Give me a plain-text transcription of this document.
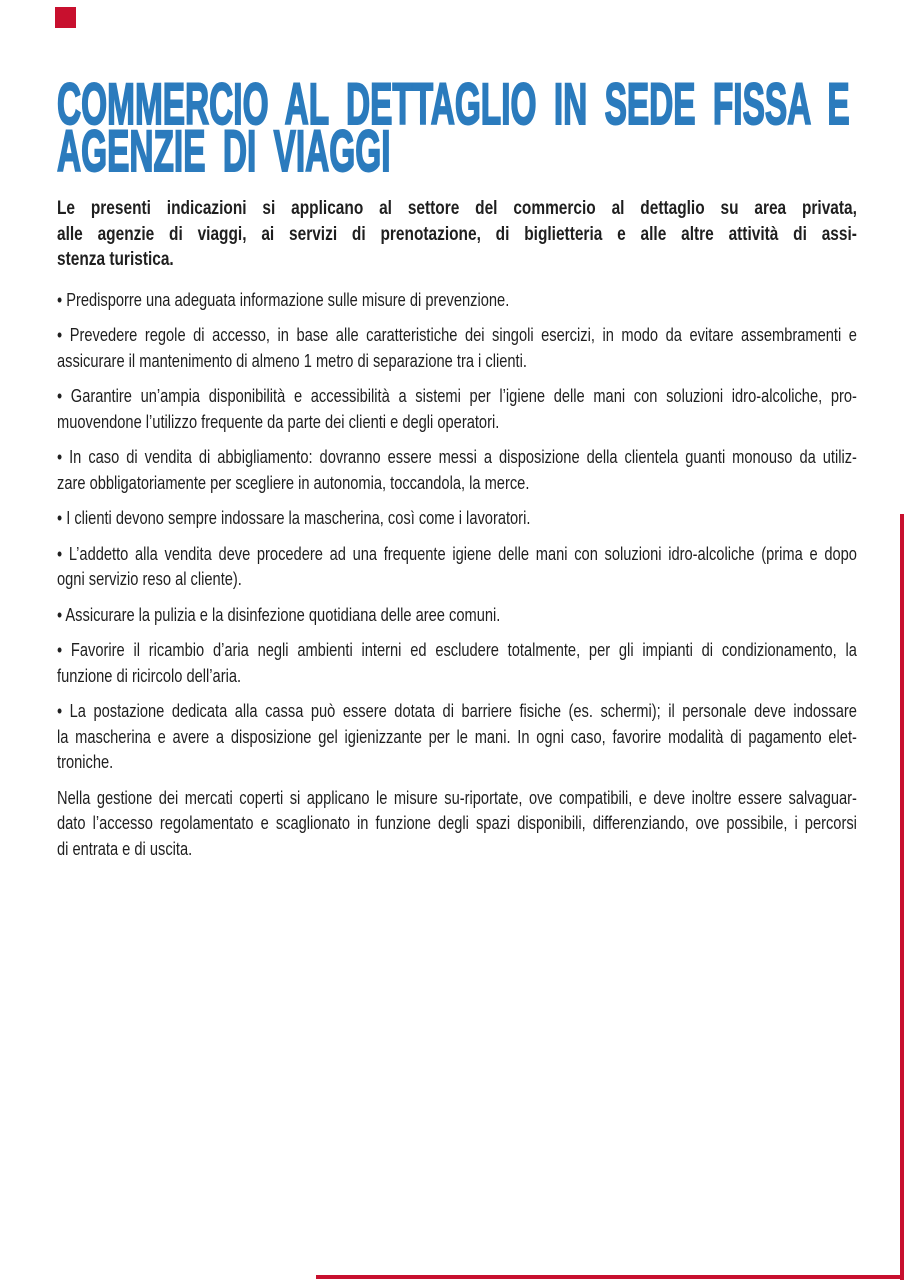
COMMERCIO AL DETTAGLIO IN SEDE FISSA E
AGENZIE DI VIAGGI
Le presenti indicazioni si applicano al settore del commercio al dettaglio su area privata,
alle agenzie di viaggi, ai servizi di prenotazione, di biglietteria e alle altre attività di assi-
stenza turistica.
• Predisporre una adeguata informazione sulle misure di prevenzione.
• Prevedere regole di accesso, in base alle caratteristiche dei singoli esercizi, in modo da evitare assembramenti e
assicurare il mantenimento di almeno 1 metro di separazione tra i clienti.
• Garantire un’ampia disponibilità e accessibilità a sistemi per l’igiene delle mani con soluzioni idro-alcoliche, pro-
muovendone l’utilizzo frequente da parte dei clienti e degli operatori.
• In caso di vendita di abbigliamento: dovranno essere messi a disposizione della clientela guanti monouso da utiliz-
zare obbligatoriamente per scegliere in autonomia, toccandola, la merce.
• I clienti devono sempre indossare la mascherina, così come i lavoratori.
• L’addetto alla vendita deve procedere ad una frequente igiene delle mani con soluzioni idro-alcoliche (prima e dopo
ogni servizio reso al cliente).
• Assicurare la pulizia e la disinfezione quotidiana delle aree comuni.
• Favorire il ricambio d’aria negli ambienti interni ed escludere totalmente, per gli impianti di condizionamento, la
funzione di ricircolo dell’aria.
• La postazione dedicata alla cassa può essere dotata di barriere fisiche (es. schermi); il personale deve indossare
la mascherina e avere a disposizione gel igienizzante per le mani. In ogni caso, favorire modalità di pagamento elet-
troniche.
Nella gestione dei mercati coperti si applicano le misure su-riportate, ove compatibili, e deve inoltre essere salvaguar-
dato l’accesso regolamentato e scaglionato in funzione degli spazi disponibili, differenziando, ove possibile, i percorsi
di entrata e di uscita.
